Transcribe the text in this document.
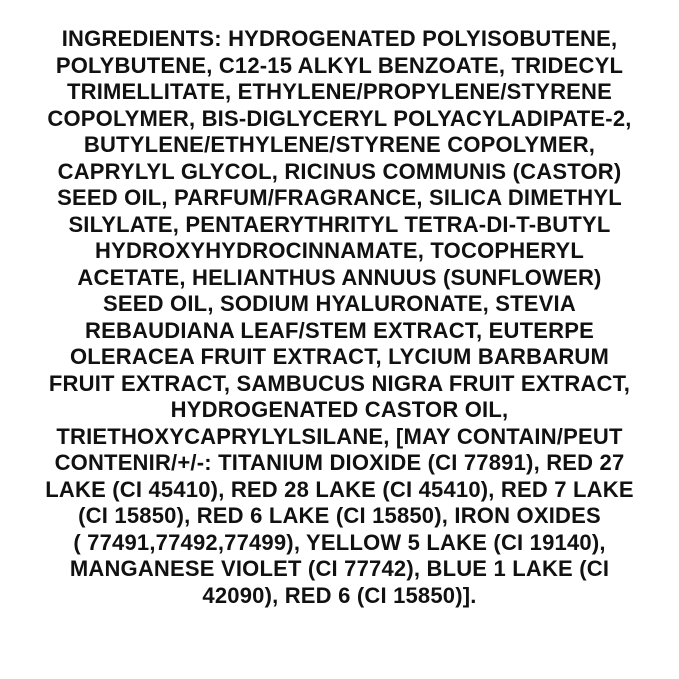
INGREDIENTS: HYDROGENATED POLYISOBUTENE,
POLYBUTENE, C12-15 ALKYL BENZOATE, TRIDECYL
TRIMELLITATE, ETHYLENE/PROPYLENE/STYRENE
COPOLYMER, BIS-DIGLYCERYL POLYACYLADIPATE-2,
BUTYLENE/ETHYLENE/STYRENE COPOLYMER,
CAPRYLYL GLYCOL, RICINUS COMMUNIS (CASTOR)
SEED OIL, PARFUM/FRAGRANCE, SILICA DIMETHYL
SILYLATE, PENTAERYTHRITYL TETRA-DI-T-BUTYL
HYDROXYHYDROCINNAMATE, TOCOPHERYL
ACETATE, HELIANTHUS ANNUUS (SUNFLOWER)
SEED OIL, SODIUM HYALURONATE, STEVIA
REBAUDIANA LEAF/STEM EXTRACT, EUTERPE
OLERACEA FRUIT EXTRACT, LYCIUM BARBARUM
FRUIT EXTRACT, SAMBUCUS NIGRA FRUIT EXTRACT,
HYDROGENATED CASTOR OIL,
TRIETHOXYCAPRYLYLSILANE, [MAY CONTAIN/PEUT
CONTENIR/+/-: TITANIUM DIOXIDE (CI 77891), RED 27
LAKE (CI 45410), RED 28 LAKE (CI 45410), RED 7 LAKE
(CI 15850), RED 6 LAKE (CI 15850), IRON OXIDES
( 77491,77492,77499), YELLOW 5 LAKE (CI 19140),
MANGANESE VIOLET (CI 77742), BLUE 1 LAKE (CI
42090), RED 6 (CI 15850)].
